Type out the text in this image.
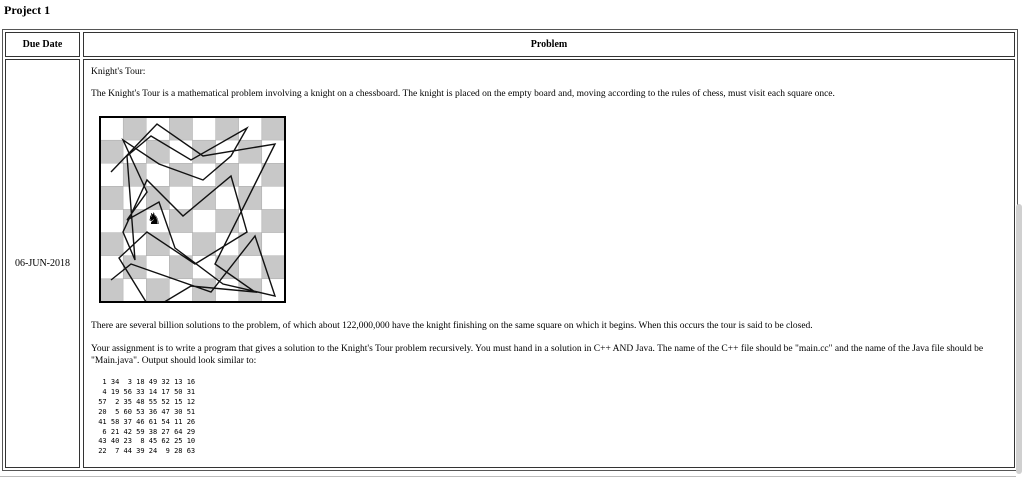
Project 1
Due Date	Problem
06-JUN-2018
Knight's Tour:
The Knight's Tour is a mathematical problem involving a knight on a chessboard. The knight is placed on the empty board and, moving according to the rules of chess, must visit each square once.
♞
There are several billion solutions to the problem, of which about 122,000,000 have the knight finishing on the same square on which it begins. When this occurs the tour is said to be closed.
Your assignment is to write a program that gives a solution to the Knight's Tour problem recursively. You must hand in a solution in C++ AND Java. The name of the C++ file should be "main.cc" and the name of the Java file should be "Main.java". Output should look similar to:
1 34  3 18 49 32 13 16
4 19 56 33 14 17 50 31
57  2 35 48 55 52 15 12
20  5 60 53 36 47 30 51
41 58 37 46 61 54 11 26
6 21 42 59 38 27 64 29
43 40 23  8 45 62 25 10
22  7 44 39 24  9 28 63
